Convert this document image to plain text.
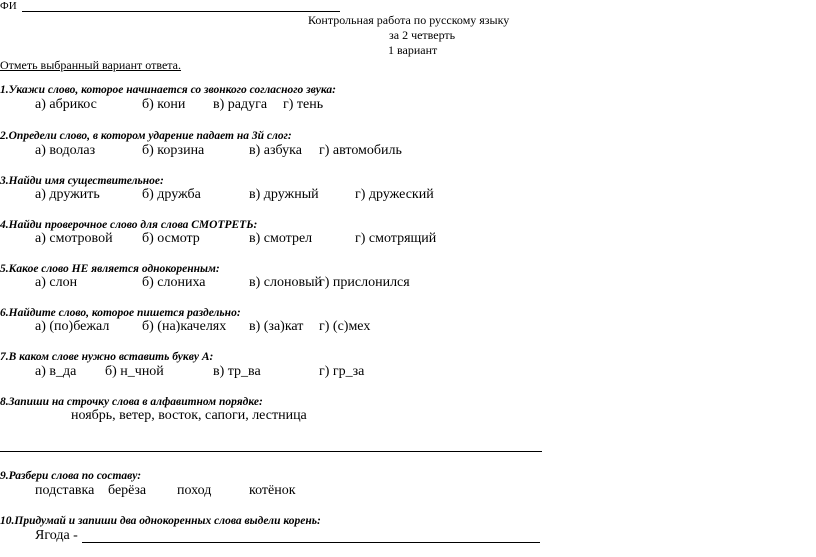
ФИ
Контрольная работа по русскому языку
за 2 четверть
1 вариант
Отметь выбранный вариант ответа.
1.Укажи слово, которое начинается со звонкого согласного звука:
а) абрикос	б) кони в) радуга г) тень
2.Определи слово, в котором ударение падает на 3й слог:
а) водолаз	б) корзина	в) азбука г) автомобиль
3.Найди имя существительное:
а) дружить	б) дружба	в) дружный	г) дружеский
4.Найди проверочное слово для слова СМОТРЕТЬ:
а) смотровой б) осмотр	в) смотрел	г) смотрящий
5.Какое слово НЕ является однокоренным:
а) слон	б) слониха	в) слоновый
г) прислонился
6.Найдите слово, которое пишется раздельно:
а) (по)бежал б) (на)качелях в) (за)кат г) (с)мех
7.В каком слове нужно вставить букву А:
а) в_да б) н_чной	в) тр_ва	г) гр_за
8.Запиши на строчку слова в алфавитном порядке:
ноябрь, ветер, восток, сапоги, лестница
9.Разбери слова по составу:
подставка берёза поход	котёнок
10.Придумай и запиши два однокоренных слова выдели корень:
Ягода -
